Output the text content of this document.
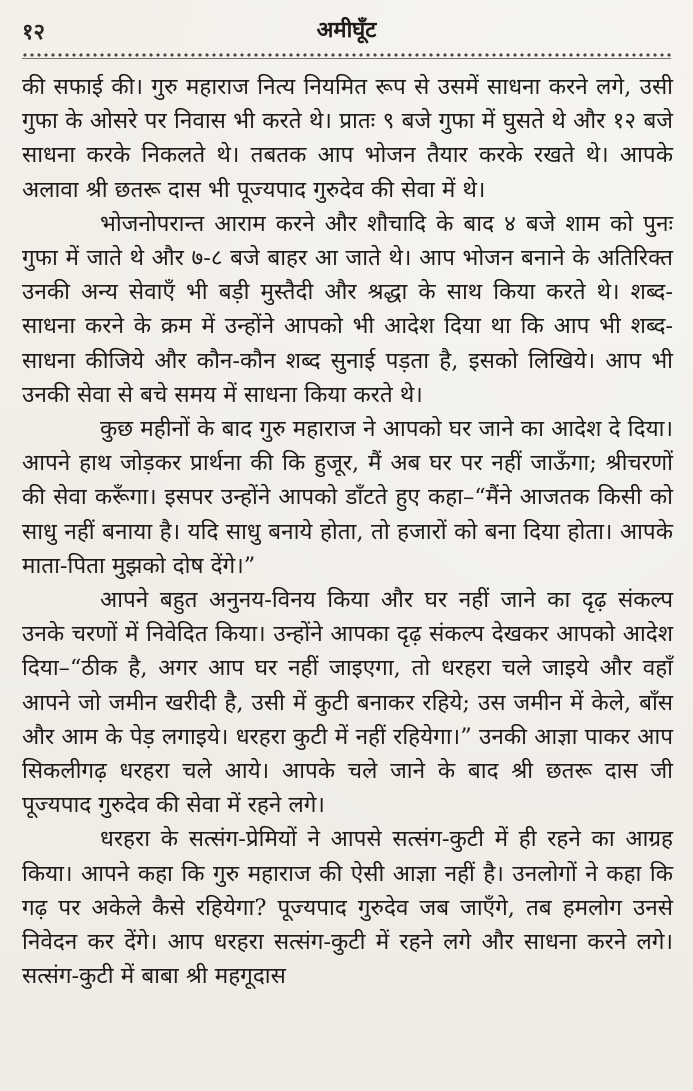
१२	अमीघूँट

की सफाई की। गुरु महाराज नित्य नियमित रूप से उसमें साधना करने लगे, उसी गुफा के ओसरे पर निवास भी करते थे। प्रातः ९ बजे गुफा में घुसते थे और १२ बजे साधना करके निकलते थे। तबतक आप भोजन तैयार करके रखते थे। आपके अलावा श्री छतरू दास भी पूज्यपाद गुरुदेव की सेवा में थे।

भोजनोपरान्त आराम करने और शौचादि के बाद ४ बजे शाम को पुनः गुफा में जाते थे और ७-८ बजे बाहर आ जाते थे। आप भोजन बनाने के अतिरिक्त उनकी अन्य सेवाएँ भी बड़ी मुस्तैदी और श्रद्धा के साथ किया करते थे। शब्द-साधना करने के क्रम में उन्होंने आपको भी आदेश दिया था कि आप भी शब्द-साधना कीजिये और कौन-कौन शब्द सुनाई पड़ता है, इसको लिखिये। आप भी उनकी सेवा से बचे समय में साधना किया करते थे।

कुछ महीनों के बाद गुरु महाराज ने आपको घर जाने का आदेश दे दिया। आपने हाथ जोड़कर प्रार्थना की कि हुजूर, मैं अब घर पर नहीं जाऊँगा; श्रीचरणों की सेवा करूँगा। इसपर उन्होंने आपको डाँटते हुए कहा–“मैंने आजतक किसी को साधु नहीं बनाया है। यदि साधु बनाये होता, तो हजारों को बना दिया होता। आपके माता-पिता मुझको दोष देंगे।”

आपने बहुत अनुनय-विनय किया और घर नहीं जाने का दृढ़ संकल्प उनके चरणों में निवेदित किया। उन्होंने आपका दृढ़ संकल्प देखकर आपको आदेश दिया–“ठीक है, अगर आप घर नहीं जाइएगा, तो धरहरा चले जाइये और वहाँ आपने जो जमीन खरीदी है, उसी में कुटी बनाकर रहिये; उस जमीन में केले, बाँस और आम के पेड़ लगाइये। धरहरा कुटी में नहीं रहियेगा।” उनकी आज्ञा पाकर आप सिकलीगढ़ धरहरा चले आये। आपके चले जाने के बाद श्री छतरू दास जी पूज्यपाद गुरुदेव की सेवा में रहने लगे।

धरहरा के सत्संग-प्रेमियों ने आपसे सत्संग-कुटी में ही रहने का आग्रह किया। आपने कहा कि गुरु महाराज की ऐसी आज्ञा नहीं है। उनलोगों ने कहा कि गढ़ पर अकेले कैसे रहियेगा? पूज्यपाद गुरुदेव जब जाएँगे, तब हमलोग उनसे निवेदन कर देंगे। आप धरहरा सत्संग-कुटी में रहने लगे और साधना करने लगे। सत्संग-कुटी में बाबा श्री महगूदास
